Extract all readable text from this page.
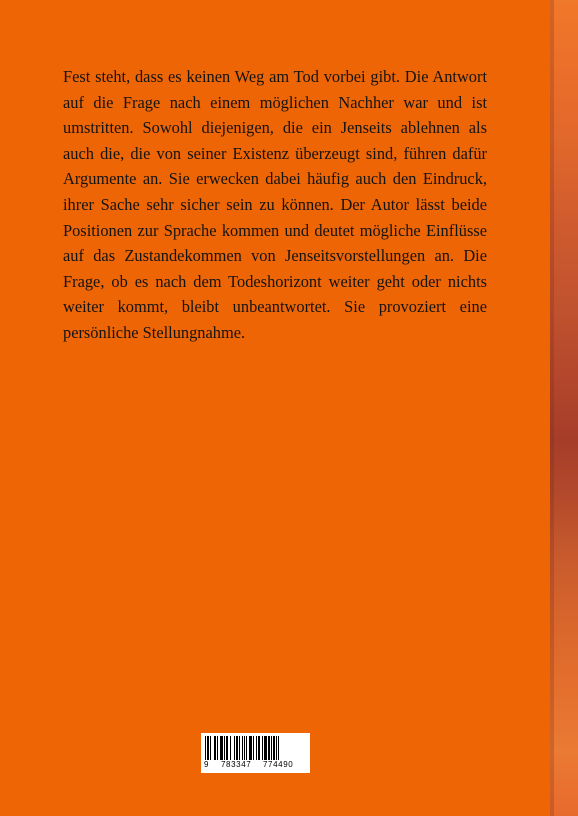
Fest steht, dass es keinen Weg am Tod vorbei gibt. Die Antwort auf die Frage nach einem möglichen Nachher war und ist umstritten. Sowohl diejenigen, die ein Jenseits ablehnen als auch die, die von seiner Existenz überzeugt sind, führen dafür Argumente an. Sie erwecken dabei häufig auch den Eindruck, ihrer Sache sehr sicher sein zu können. Der Autor lässt beide Positionen zur Sprache kommen und deutet mögliche Einflüsse auf das Zustandekommen von Jenseitsvorstellungen an. Die Frage, ob es nach dem Todeshorizont weiter geht oder nichts weiter kommt, bleibt unbeantwortet. Sie provoziert eine persönliche Stellungnahme.

9 783347 774490
